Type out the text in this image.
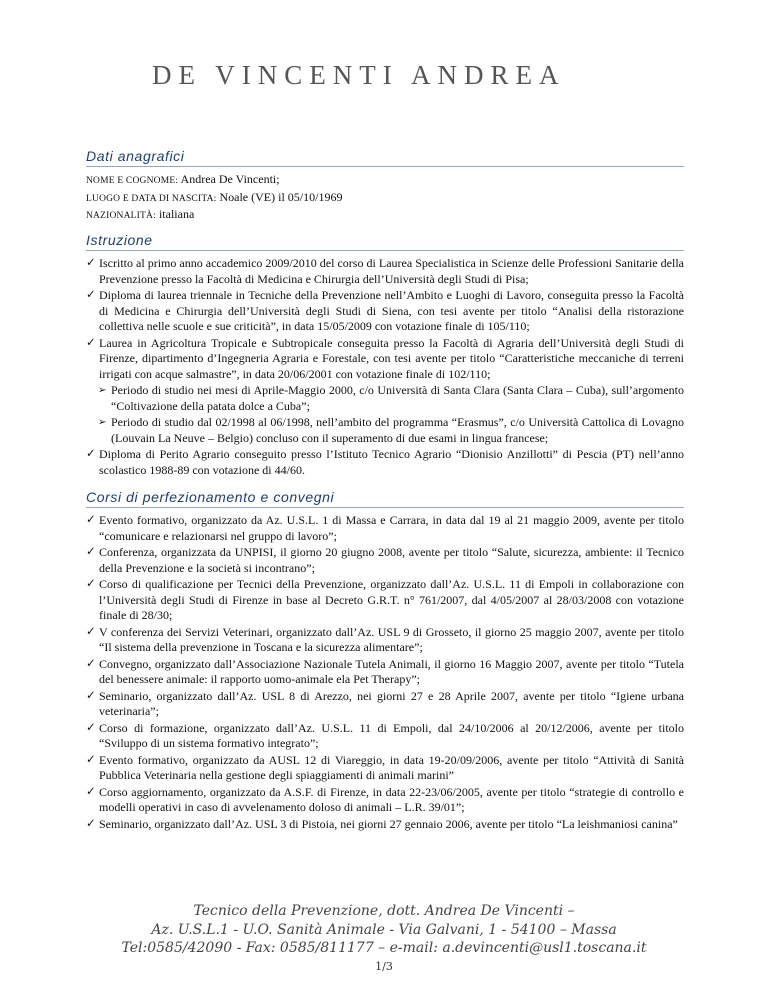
DE VINCENTI ANDREA
Dati anagrafici
NOME E COGNOME: Andrea De Vincenti;
LUOGO E DATA DI NASCITA: Noale (VE) il 05/10/1969
NAZIONALITÀ: italiana
Istruzione
✓ Iscritto al primo anno accademico 2009/2010 del corso di Laurea Specialistica in Scienze delle Professioni Sanitarie della Prevenzione presso la Facoltà di Medicina e Chirurgia dell’Università degli Studi di Pisa;
✓ Diploma di laurea triennale in Tecniche della Prevenzione nell’Ambito e Luoghi di Lavoro, conseguita presso la Facoltà di Medicina e Chirurgia dell’Università degli Studi di Siena, con tesi avente per titolo “Analisi della ristorazione collettiva nelle scuole e sue criticità”, in data 15/05/2009 con votazione finale di 105/110;
✓ Laurea in Agricoltura Tropicale e Subtropicale conseguita presso la Facoltà di Agraria dell’Università degli Studi di Firenze, dipartimento d’Ingegneria Agraria e Forestale, con tesi avente per titolo “Caratteristiche meccaniche di terreni irrigati con acque salmastre”, in data 20/06/2001 con votazione finale di 102/110;
➢ Periodo di studio nei mesi di Aprile-Maggio 2000, c/o Università di Santa Clara (Santa Clara – Cuba), sull’argomento “Coltivazione della patata dolce a Cuba”;
➢ Periodo di studio dal 02/1998 al 06/1998, nell’ambito del programma “Erasmus”, c/o Università Cattolica di Lovagno (Louvain La Neuve – Belgio) concluso con il superamento di due esami in lingua francese;
✓ Diploma di Perito Agrario conseguito presso l’Istituto Tecnico Agrario “Dionisio Anzillotti” di Pescia (PT) nell’anno scolastico 1988-89 con votazione di 44/60.
Corsi di perfezionamento e convegni
✓ Evento formativo, organizzato da Az. U.S.L. 1 di Massa e Carrara, in data dal 19 al 21 maggio 2009, avente per titolo “comunicare e relazionarsi nel gruppo di lavoro”;
✓ Conferenza, organizzata da UNPISI, il giorno 20 giugno 2008, avente per titolo “Salute, sicurezza, ambiente: il Tecnico della Prevenzione e la società si incontrano”;
✓ Corso di qualificazione per Tecnici della Prevenzione, organizzato dall’Az. U.S.L. 11 di Empoli in collaborazione con l’Università degli Studi di Firenze in base al Decreto G.R.T. n° 761/2007, dal 4/05/2007 al 28/03/2008 con votazione finale di 28/30;
✓ V conferenza dei Servizi Veterinari, organizzato dall’Az. USL 9 di Grosseto, il giorno 25 maggio 2007, avente per titolo “Il sistema della prevenzione in Toscana e la sicurezza alimentare”;
✓ Convegno, organizzato dall’Associazione Nazionale Tutela Animali, il giorno 16 Maggio 2007, avente per titolo “Tutela del benessere animale: il rapporto uomo-animale ela Pet Therapy”;
✓ Seminario, organizzato dall’Az. USL 8 di Arezzo, nei giorni 27 e 28 Aprile 2007, avente per titolo “Igiene urbana veterinaria”;
✓ Corso di formazione, organizzato dall’Az. U.S.L. 11 di Empoli, dal 24/10/2006 al 20/12/2006, avente per titolo “Sviluppo di un sistema formativo integrato”;
✓ Evento formativo, organizzato da AUSL 12 di Viareggio, in data 19-20/09/2006, avente per titolo “Attività di Sanità Pubblica Veterinaria nella gestione degli spiaggiamenti di animali marini”
✓ Corso aggiornamento, organizzato da A.S.F. di Firenze, in data 22-23/06/2005, avente per titolo “strategie di controllo e modelli operativi in caso di avvelenamento doloso di animali – L.R. 39/01”;
✓ Seminario, organizzato dall’Az. USL 3 di Pistoia, nei giorni 27 gennaio 2006, avente per titolo “La leishmaniosi canina”
Tecnico della Prevenzione, dott. Andrea De Vincenti –
Az. U.S.L.1 - U.O. Sanità Animale - Via Galvani, 1 - 54100 – Massa
Tel:0585/42090 - Fax: 0585/811177 – e-mail: a.devincenti@usl1.toscana.it
1/3
